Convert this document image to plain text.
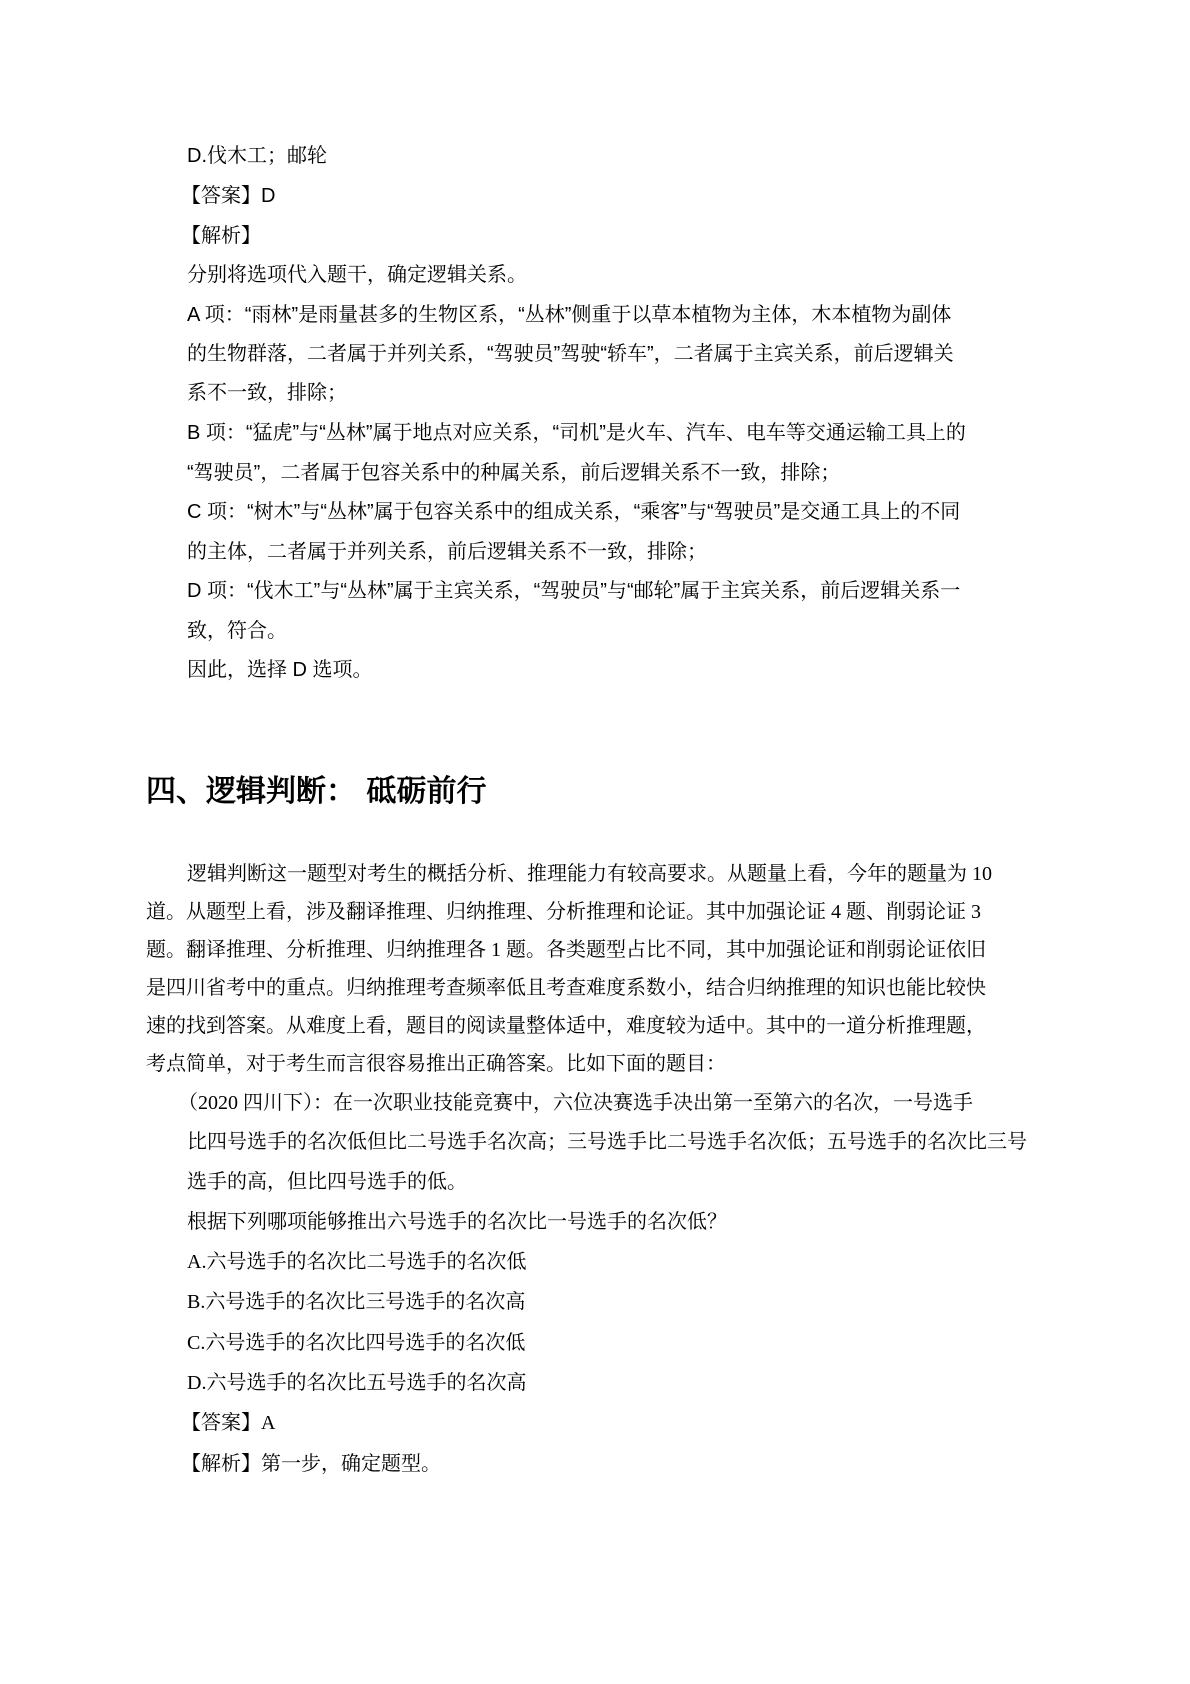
D.伐木工；邮轮

【答案】D

【解析】

分别将选项代入题干，确定逻辑关系。

A 项：“雨林”是雨量甚多的生物区系，“丛林”侧重于以草本植物为主体，木本植物为副体

的生物群落，二者属于并列关系，“驾驶员”驾驶“轿车”，二者属于主宾关系，前后逻辑关

系不一致，排除；

B 项：“猛虎”与“丛林”属于地点对应关系，“司机”是火车、汽车、电车等交通运输工具上的

“驾驶员”，二者属于包容关系中的种属关系，前后逻辑关系不一致，排除；

C 项：“树木”与“丛林”属于包容关系中的组成关系，“乘客”与“驾驶员”是交通工具上的不同

的主体，二者属于并列关系，前后逻辑关系不一致，排除；

D 项：“伐木工”与“丛林”属于主宾关系，“驾驶员”与“邮轮”属于主宾关系，前后逻辑关系一

致，符合。

因此，选择 D 选项。

四、逻辑判断： 砥砺前行

逻辑判断这一题型对考生的概括分析、推理能力有较高要求。从题量上看，今年的题量为 10

道。从题型上看，涉及翻译推理、归纳推理、分析推理和论证。其中加强论证 4 题、削弱论证 3

题。翻译推理、分析推理、归纳推理各 1 题。各类题型占比不同，其中加强论证和削弱论证依旧

是四川省考中的重点。归纳推理考查频率低且考查难度系数小，结合归纳推理的知识也能比较快

速的找到答案。从难度上看，题目的阅读量整体适中，难度较为适中。其中的一道分析推理题，

考点简单，对于考生而言很容易推出正确答案。比如下面的题目：

（2020 四川下）：在一次职业技能竞赛中，六位决赛选手决出第一至第六的名次，一号选手

比四号选手的名次低但比二号选手名次高；三号选手比二号选手名次低；五号选手的名次比三号

选手的高，但比四号选手的低。

根据下列哪项能够推出六号选手的名次比一号选手的名次低？

A.六号选手的名次比二号选手的名次低

B.六号选手的名次比三号选手的名次高

C.六号选手的名次比四号选手的名次低

D.六号选手的名次比五号选手的名次高

【答案】A

【解析】第一步，确定题型。
